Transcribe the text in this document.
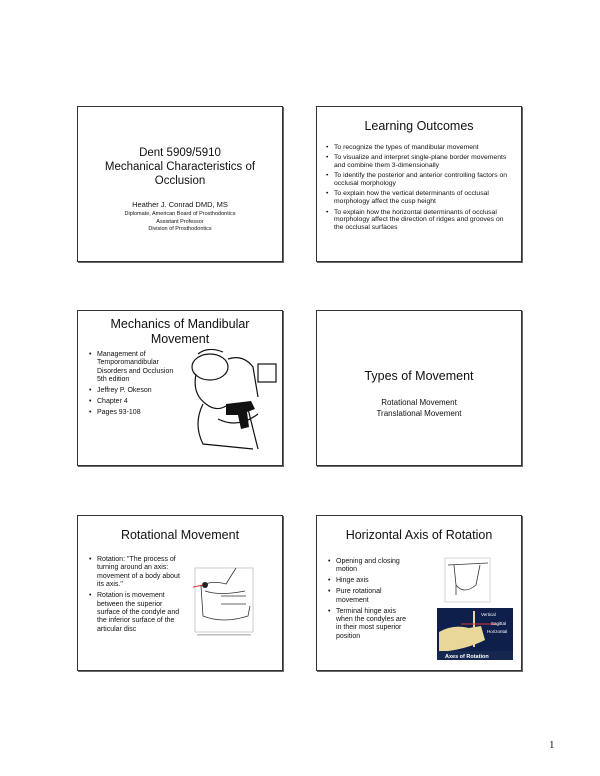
Dent 5909/5910
Mechanical Characteristics of
Occlusion
Heather J. Conrad DMD, MS
Diplomate, American Board of Prosthodontics
Assistant Professor
Division of Prosthodontics
Learning Outcomes
• To recognize the types of mandibular movement
• To visualize and interpret single-plane border movements and combine them 3-dimensionally
• To identify the posterior and anterior controlling factors on occlusal morphology
• To explain how the vertical determinants of occlusal morphology affect the cusp height
• To explain how the horizontal determinants of occlusal morphology affect the direction of ridges and grooves on the occlusal surfaces
Mechanics of Mandibular
Movement
• Management of Temporomandibular Disorders and Occlusion 5th edition
• Jeffrey P. Okeson
• Chapter 4
• Pages 93-108
Types of Movement
Rotational Movement
Translational Movement
Rotational Movement
• Rotation: "The process of turning around an axis: movement of a body about its axis."
• Rotation is movement between the superior surface of the condyle and the inferior surface of the articular disc
Horizontal Axis of Rotation
• Opening and closing motion
• Hinge axis
• Pure rotational movement
• Terminal hinge axis when the condyles are in their most superior position
Vertical
Sagittal
Horizontal
Axes of Rotation
1
